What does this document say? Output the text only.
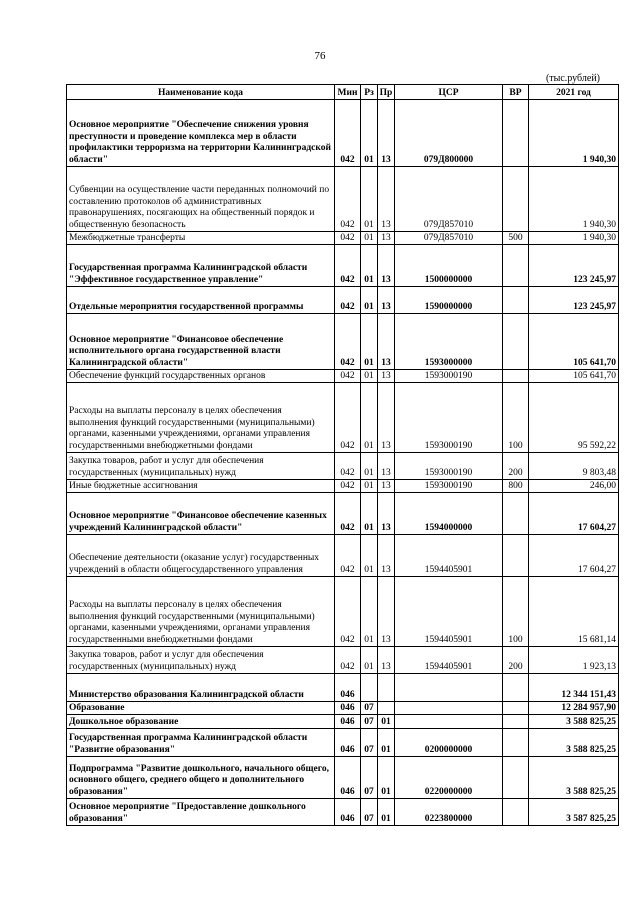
76
(тыс.рублей)
Наименование кода	Мин	Рз	Пр	ЦСР	ВР	2021 год
Основное мероприятие "Обеспечение снижения уровня преступности и проведение комплекса мер в области профилактики терроризма на территории Калининградской области"	042	01	13	079Д800000		1 940,30
Субвенции на осуществление части переданных полномочий по составлению протоколов об административных правонарушениях, посягающих на общественный порядок и общественную безопасность	042	01	13	079Д857010		1 940,30
Межбюджетные трансферты	042	01	13	079Д857010	500	1 940,30
Государственная программа Калининградской области "Эффективное государственное управление"	042	01	13	1500000000		123 245,97
Отдельные мероприятия государственной программы	042	01	13	1590000000		123 245,97
Основное мероприятие "Финансовое обеспечение исполнительного органа государственной власти Калининградской области"	042	01	13	1593000000		105 641,70
Обеспечение функций государственных органов	042	01	13	1593000190		105 641,70
Расходы на выплаты персоналу в целях обеспечения выполнения функций государственными (муниципальными) органами, казенными учреждениями, органами управления государственными внебюджетными фондами	042	01	13	1593000190	100	95 592,22
Закупка товаров, работ и услуг для обеспечения государственных (муниципальных) нужд	042	01	13	1593000190	200	9 803,48
Иные бюджетные ассигнования	042	01	13	1593000190	800	246,00
Основное мероприятие "Финансовое обеспечение казенных учреждений Калининградской области"	042	01	13	1594000000		17 604,27
Обеспечение деятельности (оказание услуг) государственных учреждений в области общегосударственного управления	042	01	13	1594405901		17 604,27
Расходы на выплаты персоналу в целях обеспечения выполнения функций государственными (муниципальными) органами, казенными учреждениями, органами управления государственными внебюджетными фондами	042	01	13	1594405901	100	15 681,14
Закупка товаров, работ и услуг для обеспечения государственных (муниципальных) нужд	042	01	13	1594405901	200	1 923,13
Министерство образования Калининградской области	046					12 344 151,43
Образование	046	07				12 284 957,90
Дошкольное образование	046	07	01			3 588 825,25
Государственная программа Калининградской области "Развитие образования"	046	07	01	0200000000		3 588 825,25
Подпрограмма "Развитие дошкольного, начального общего, основного общего, среднего общего и дополнительного образования"	046	07	01	0220000000		3 588 825,25
Основное мероприятие "Предоставление дошкольного образования"	046	07	01	0223800000		3 587 825,25
